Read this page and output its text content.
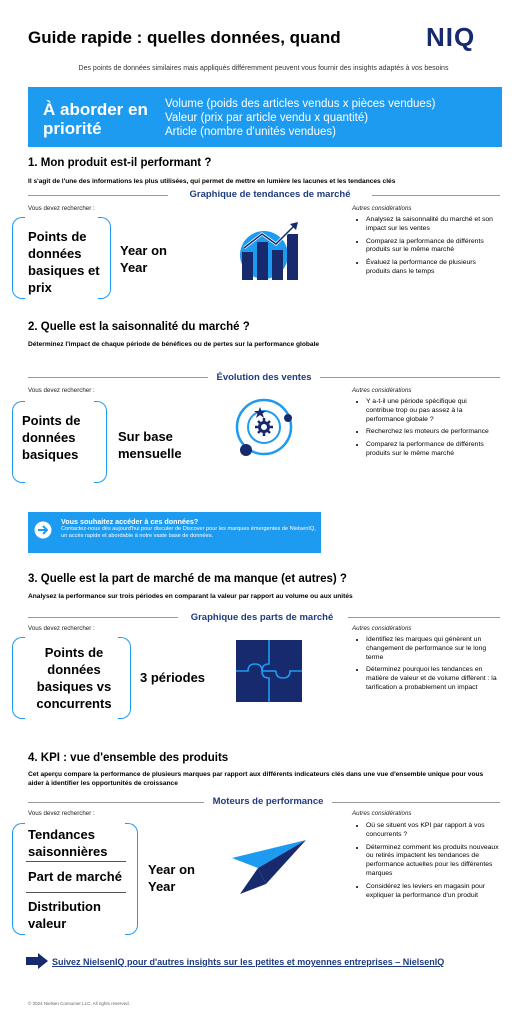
Guide rapide : quelles données, quand	NIQ
Des points de données similaires mais appliqués différemment peuvent vous fournir des insights adaptés à vos besoins
À aborder en priorité
Volume (poids des articles vendus x pièces vendues)
Valeur (prix par article vendu x quantité)
Article (nombre d'unités vendues)
1. Mon produit est-il performant ?
Il s'agit de l'une des informations les plus utilisées, qui permet de mettre en lumière les lacunes et les tendances clés
Graphique de tendances de marché
Vous devez rechercher :	Autres considérations
Points de données basiques et prix
Year on Year
• Analysez la saisonnalité du marché et son impact sur les ventes
• Comparez la performance de différents produits sur le même marché
• Évaluez la performance de plusieurs produits dans le temps
2. Quelle est la saisonnalité du marché ?
Déterminez l'impact de chaque période de bénéfices ou de pertes sur la performance globale
Évolution des ventes
Vous devez rechercher :	Autres considérations
Points de données basiques
Sur base mensuelle
• Y a-t-il une période spécifique qui contribue trop ou pas assez à la performance globale ?
• Recherchez les moteurs de performance
• Comparez la performance de différents produits sur le même marché
Vous souhaitez accéder à ces données?
Contactez-nous dès aujourd'hui pour discuter de Discover pour les marques émergentes de NielsenIQ, un accès rapide et abordable à notre vaste base de données.
3. Quelle est la part de marché de ma manque (et autres) ?
Analysez la performance sur trois périodes en comparant la valeur par rapport au volume ou aux unités
Graphique des parts de marché
Vous devez rechercher :	Autres considérations
Points de données basiques vs concurrents
3 périodes
• Identifiez les marques qui génèrent un changement de performance sur le long terme
• Déterminez pourquoi les tendances en matière de valeur et de volume diffèrent : la tarification a probablement un impact
4. KPI : vue d'ensemble des produits
Cet aperçu compare la performance de plusieurs marques par rapport aux différents indicateurs clés dans une vue d'ensemble unique pour vous aider à identifier les opportunités de croissance
Moteurs de performance
Vous devez rechercher :	Autres considérations
Tendances saisonnières
Part de marché
Distribution valeur
Year on Year
• Où se situent vos KPI par rapport à vos concurrents ?
• Déterminez comment les produits nouveaux ou retirés impactent les tendances de performance actuelles pour les différentes marques
• Considérez les leviers en magasin pour expliquer la performance d'un produit
Suivez NielsenIQ pour d'autres insights sur les petites et moyennes entreprises – NielsenIQ
© 2024 Nielsen Consumer LLC. All rights reserved.
